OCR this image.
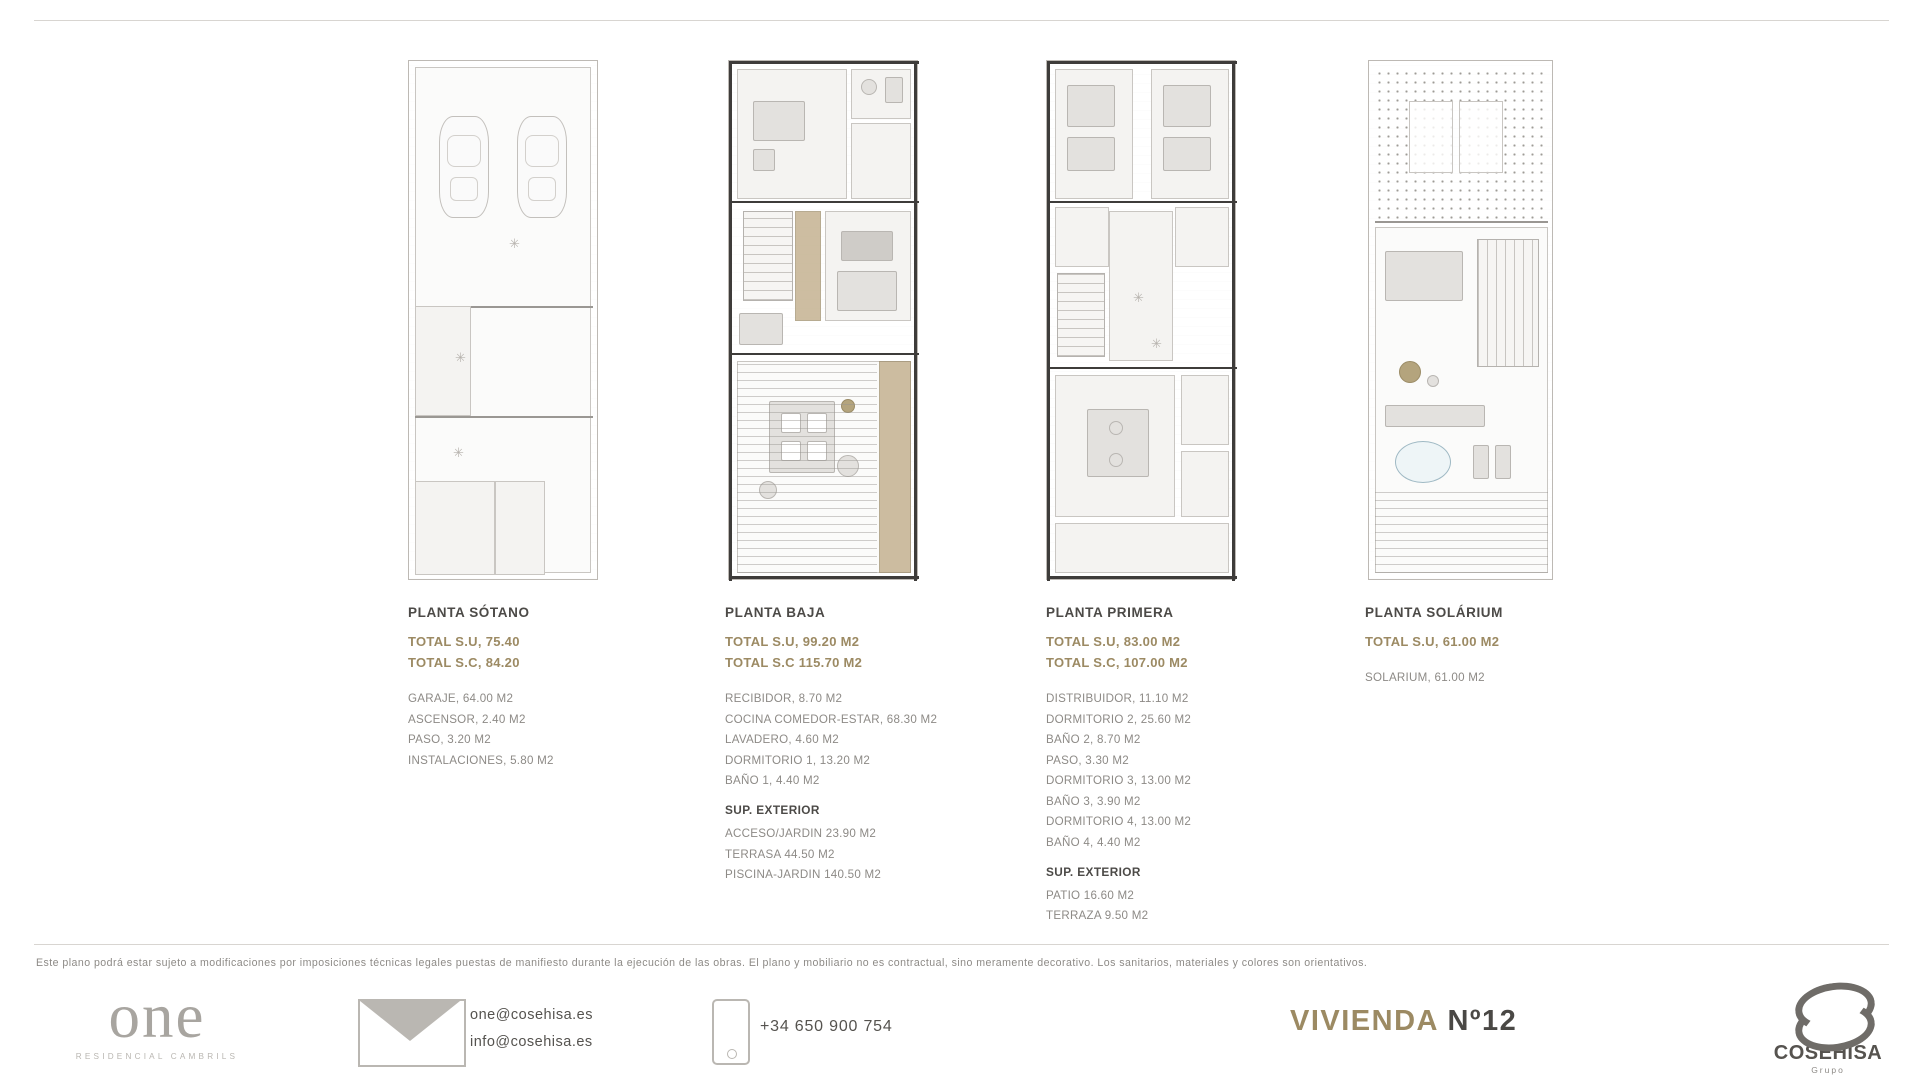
✳
✳
✳
✳
✳
PLANTA SÓTANO

TOTAL S.U, 75.40

TOTAL S.C, 84.20

GARAJE, 64.00 M2
ASCENSOR, 2.40 M2
PASO, 3.20 M2
INSTALACIONES, 5.80 M2
PLANTA BAJA

TOTAL S.U, 99.20 M2

TOTAL S.C 115.70 M2

RECIBIDOR, 8.70 M2
COCINA COMEDOR-ESTAR, 68.30 M2
LAVADERO, 4.60 M2
DORMITORIO 1, 13.20 M2
BAÑO 1, 4.40 M2

SUP. EXTERIOR

ACCESO/JARDIN 23.90 M2
TERRASA 44.50 M2
PISCINA-JARDIN 140.50 M2
PLANTA PRIMERA

TOTAL S.U, 83.00 M2

TOTAL S.C, 107.00 M2

DISTRIBUIDOR, 11.10 M2
DORMITORIO 2, 25.60 M2
BAÑO 2, 8.70 M2
PASO, 3.30 M2
DORMITORIO 3, 13.00 M2
BAÑO 3, 3.90 M2
DORMITORIO 4, 13.00 M2
BAÑO 4, 4.40 M2

SUP. EXTERIOR

PATIO 16.60 M2
TERRAZA 9.50 M2
PLANTA SOLÁRIUM

TOTAL S.U, 61.00 M2

SOLARIUM, 61.00 M2
Este plano podrá estar sujeto a modificaciones por imposiciones técnicas legales puestas de manifiesto durante la ejecución de las obras. El plano y mobiliario no es contractual, sino meramente decorativo. Los sanitarios, materiales y colores son orientativos.
one
RESIDENCIAL CAMBRILS
one@cosehisa.es
info@cosehisa.es
+34 650 900 754	VIVIENDA Nº12
COSEHISA
Grupo
